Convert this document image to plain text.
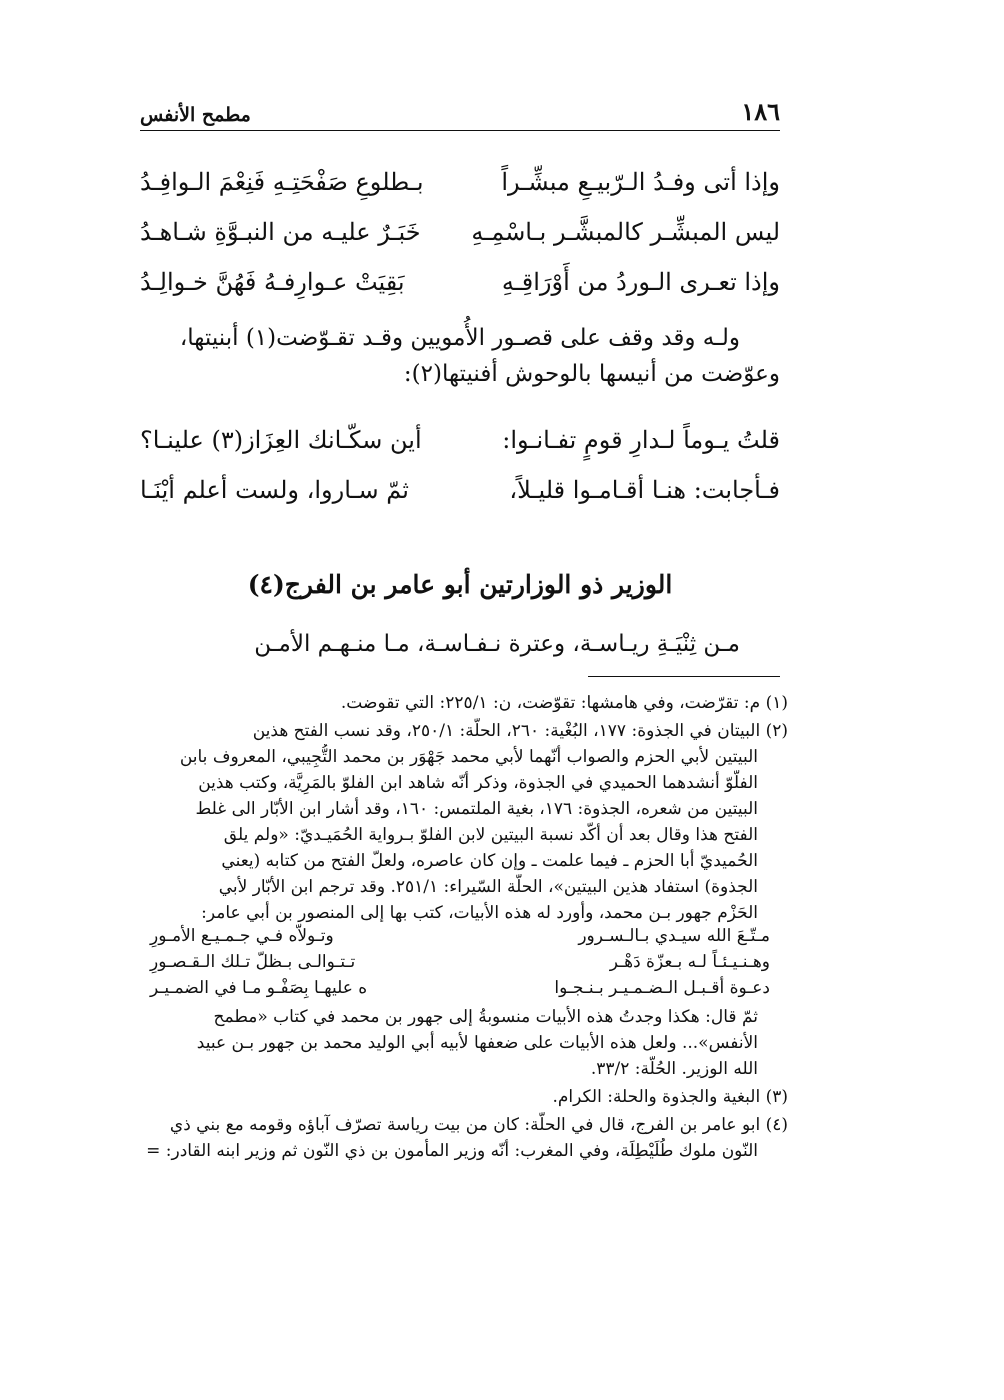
١٨٦
مطمح الأنفس
وإذا أتى وفـدُ الـرّبيـعِ مبشِّـراً
بـطلوعِ صَفْحَتِـهِ فَنِعْمَ الـوافِـدُ
ليس المبشِّـر كالمبشَّـر بـاسْمِـهِ
خَبَـرٌ عليـه من النبـوَّةِ شـاهـدُ
وإذا تعـرى الـوردُ من أَوْرَاقِـهِ
بَقِيَتْ عـوارِفـهُ فَهُنَّ خـوالِـدُ

ولـه وقد وقف على قصـور الأُمويين وقـد تقـوّضت(١) أبنيتها،

وعوّضت من أنيسها بالوحوش أفنيتها(٢):

قلتُ يـوماً لـدارِ قومٍ تفـانـوا:
أين سكّـانك العِزَاز(٣) علينـا؟
فـأجابت: هنـا أقـامـوا قليـلاً،
ثمّ سـاروا، ولست أعلم أيْنَـا
الوزير ذو الوزارتين أبو عامر بن الفرج(٤)

مـن ثِنْيَـةِ ريـاسـة، وعترة نـفـاسـة، مـا منـهـم الأمـن

(١) م: تقرّضت، وفي هامشها: تقوّضت، ن: ٢٢٥/١: التي تقوضت.
(٢) البيتان في الجذوة: ١٧٧، البُغْية: ٢٦٠، الحلّة: ٢٥٠/١، وقد نسب الفتح هذين
البيتين لأبي الحزم والصواب أنّهما لأبي محمد جَهْوَر بن محمد التُّجِيبي، المعروف بابن
الفلّوّ أنشدهما الحميدي في الجذوة، وذكر أنّه شاهد ابن الفلوّ بالمَرِيَّة، وكتب هذين
البيتين من شعره، الجذوة: ١٧٦، بغية الملتمس: ١٦٠، وقد أشار ابن الأبّار الى غلط
الفتح هذا وقال بعد أن أكّد نسبة البيتين لابن الفلوّ بـرواية الحُمَيـديّ: «ولم يلق
الحُميديّ أبا الحزم ـ فيما علمت ـ وإن كان عاصره، ولعلّ الفتح من كتابه (يعني
الجذوة) استفاد هذين البيتين»، الحلّة السّيراء: ٢٥١/١. وقد ترجم ابن الأبّار لأبي
الحَزْم جهور بـن محمد، وأورد له هذه الأبيات، كتب بها إلى المنصور بن أبي عامر:
مـتّـعَ الله سيـدي بـالـسـرور
وتـولاّه فـي جـمـيـع الأمـورِ
وهـنـيـئـاً لـه بـعزّة دَهْـر
تـتـوالـى بـظلّ تـلك الـقـصـورِ
دعـوة أقـبـل الـضـمـيـر بـنـجـوا
ه عليهـا بِصَفْـو مـا في الضمـيـر
ثمّ قال: هكذا وجدتُ هذه الأبيات منسوبةُ إلى جهور بن محمد في كتاب «مطمح
الأنفس»... ولعل هذه الأبيات على ضعفها لأبيه أبي الوليد محمد بن جهور بـن عبيد
الله الوزير. الحُلّة: ٣٣/٢.
(٣) البغية والجذوة والحلة: الكرام.
(٤) ابو عامر بن الفرج، قال في الحلّة: كان من بيت رياسة تصرّف آباؤه وقومه مع بني ذي
النّون ملوك طُلَيْطِلَة، وفي المغرب: أنّه وزير المأمون بن ذي النّون ثم وزير ابنه القادر: =
